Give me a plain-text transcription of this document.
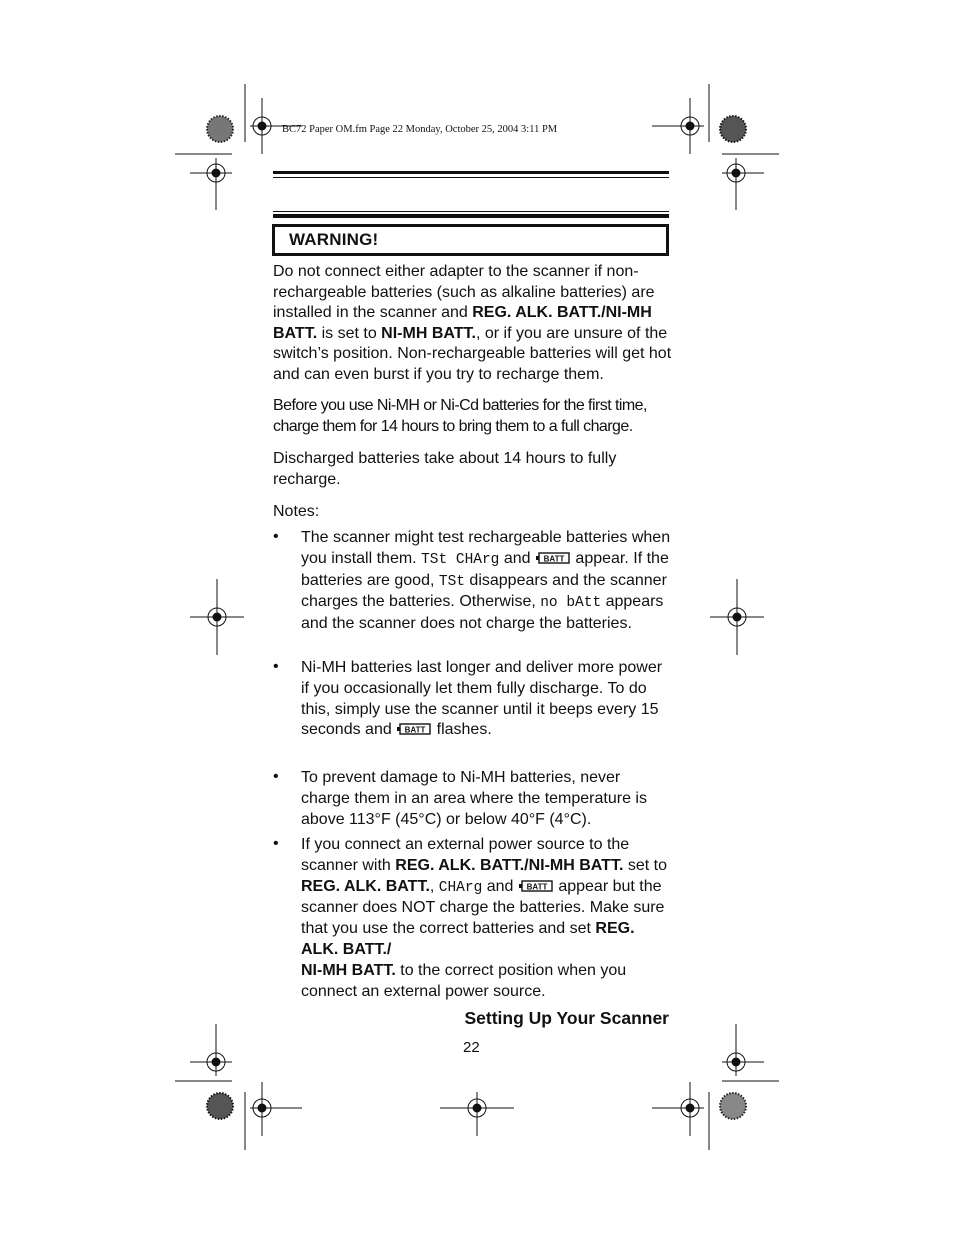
BC72 Paper OM.fm Page 22 Monday, October 25, 2004 3:11 PM
WARNING!
Do not connect either adapter to the scanner if non-rechargeable batteries (such as alkaline batteries) are installed in the scanner and REG. ALK. BATT./NI-MH BATT. is set to NI-MH BATT., or if you are unsure of the switch’s position. Non-rechargeable batteries will get hot and can even burst if you try to recharge them.
Before you use Ni-MH or Ni-Cd batteries for the first time, charge them for 14 hours to bring them to a full charge.
Discharged batteries take about 14 hours to fully recharge.
Notes:
• The scanner might test rechargeable batteries when you install them. TSt CHArg and BATT appear. If the batteries are good, TSt disappears and the scanner charges the batteries. Otherwise, no bAtt appears and the scanner does not charge the batteries.
• Ni-MH batteries last longer and deliver more power if you occasionally let them fully discharge. To do this, simply use the scanner until it beeps every 15 seconds and BATT flashes.
• To prevent damage to Ni-MH batteries, never charge them in an area where the temperature is above 113°F (45°C) or below 40°F (4°C).
• If you connect an external power source to the scanner with REG. ALK. BATT./NI-MH BATT. set to REG. ALK. BATT., CHArg and BATT appear but the scanner does NOT charge the batteries. Make sure that you use the correct batteries and set REG. ALK. BATT./
NI-MH BATT. to the correct position when you connect an external power source.
Setting Up Your Scanner
22
